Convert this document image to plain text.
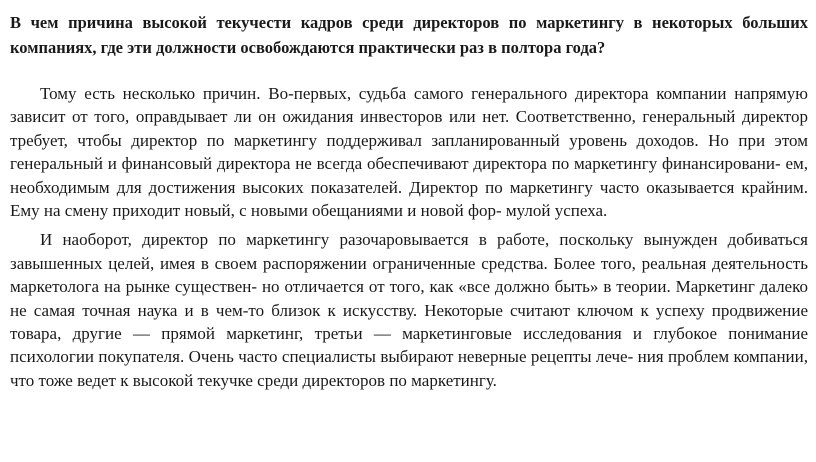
В чем причина высокой текучести кадров среди директоров по маркетингу в некоторых больших компаниях, где эти должности освобождаются практически раз в полтора года?

Тому есть несколько причин. Во-первых, судьба самого генерального директора компании напрямую зависит от того, оправдывает ли он ожидания инвесторов или нет. Соответственно, генеральный директор требует, чтобы директор по маркетингу поддерживал запланированный уровень доходов. Но при этом генеральный и финансовый директора не всегда обеспечивают директора по маркетингу финансировани- ем, необходимым для достижения высоких показателей. Директор по маркетингу часто оказывается крайним. Ему на смену приходит новый, с новыми обещаниями и новой фор- мулой успеха.

И наоборот, директор по маркетингу разочаровывается в работе, поскольку вынужден добиваться завышенных целей, имея в своем распоряжении ограниченные средства. Более того, реальная деятельность маркетолога на рынке существен- но отличается от того, как «все должно быть» в теории. Маркетинг далеко не самая точная наука и в чем-то близок к искусству. Некоторые считают ключом к успеху продвижение товара, другие — прямой маркетинг, третьи — маркетинговые исследования и глубокое понимание психологии покупателя. Очень часто специалисты выбирают неверные рецепты лече- ния проблем компании, что тоже ведет к высокой текучке среди директоров по маркетингу.
